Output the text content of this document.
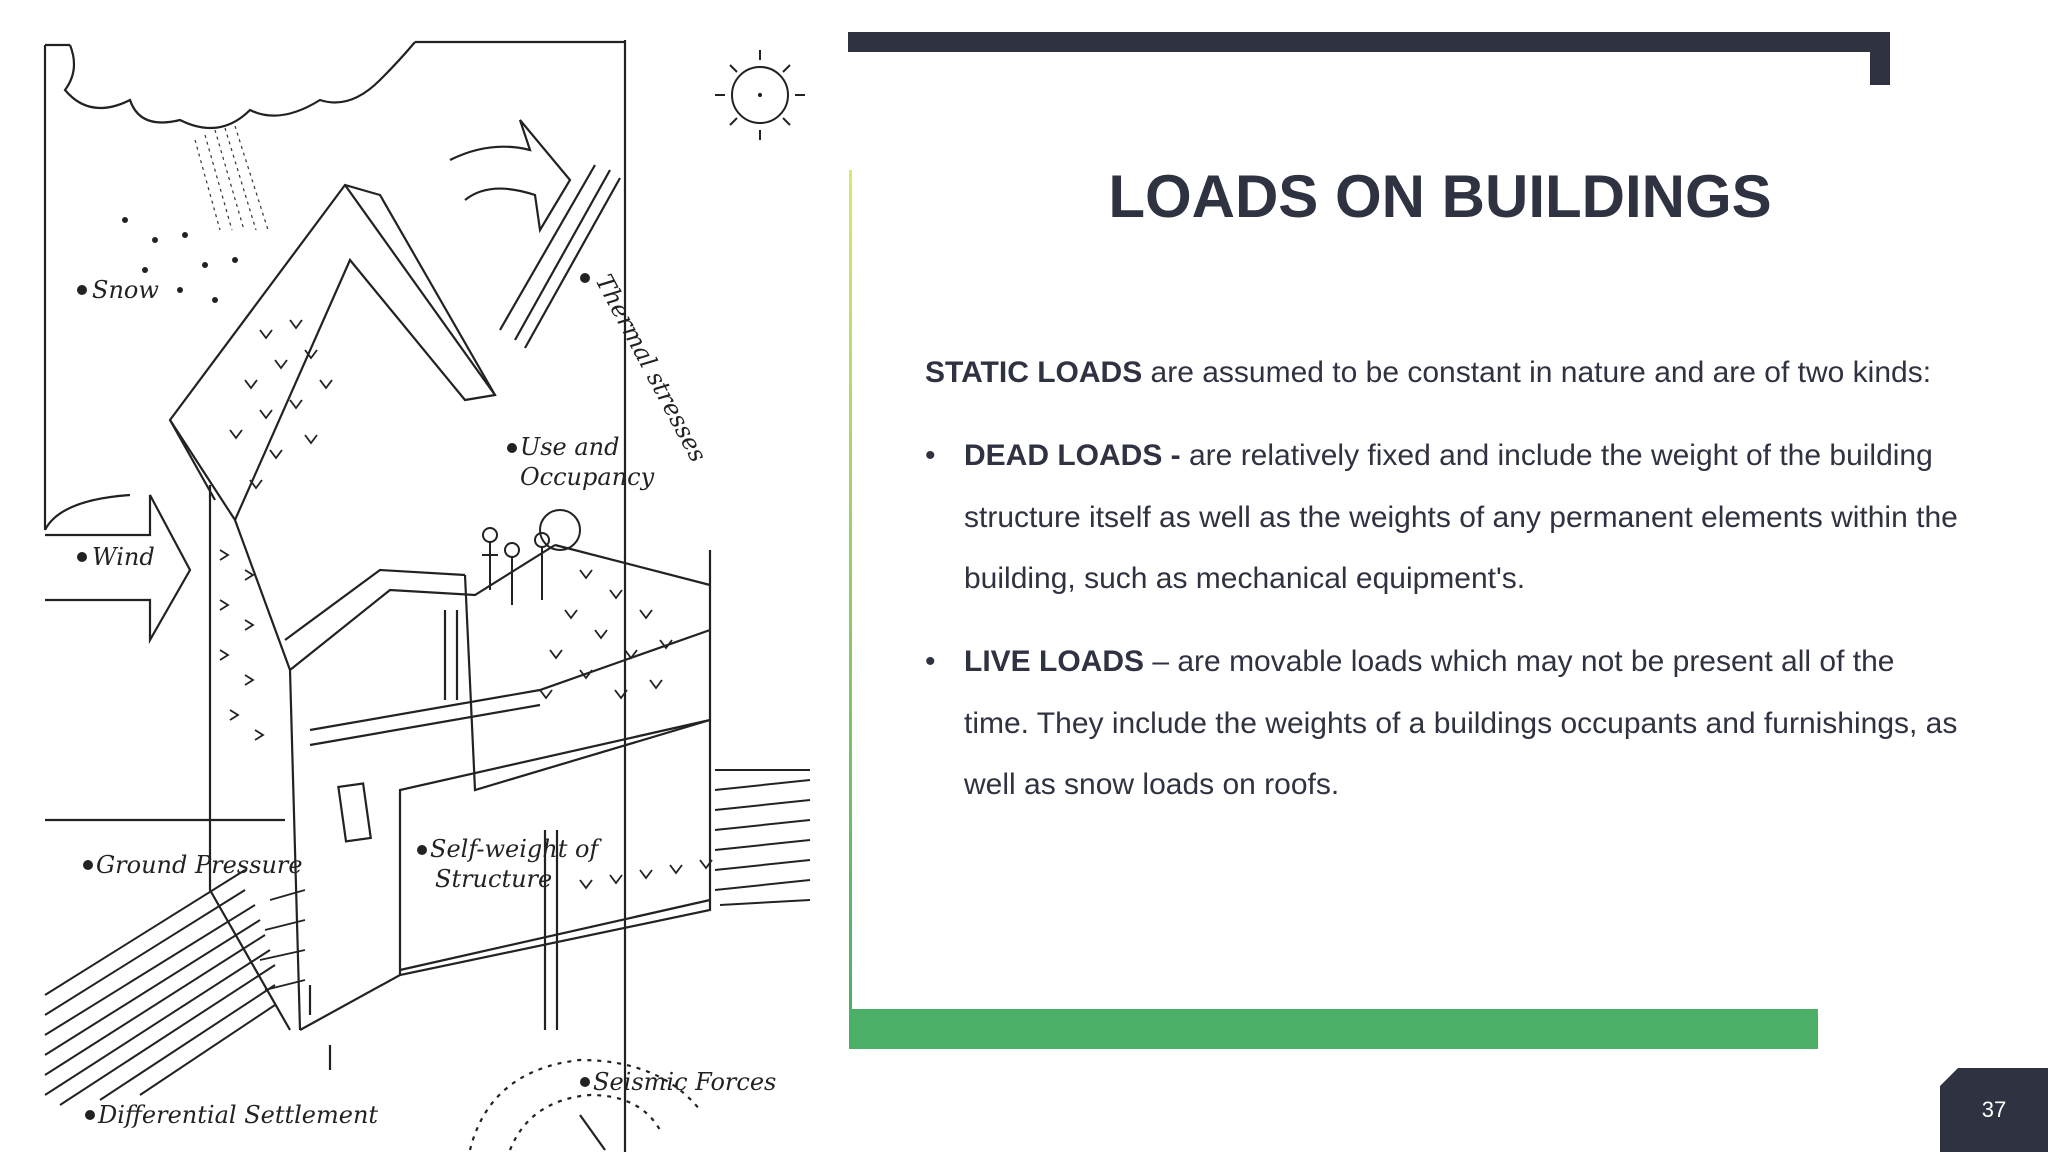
Snow
Wind
Thermal stresses
Use and
Occupancy
Self-weight of
Structure
Ground Pressure
Differential Settlement
Seismic Forces
LOADS ON BUILDINGS
STATIC LOADS are assumed to be constant in nature and are of two kinds:
• DEAD LOADS - are relatively fixed and include the weight of the building structure itself as well as the weights of any permanent elements within the building, such as mechanical equipment's.
• LIVE LOADS – are movable loads which may not be present all of the time. They include the weights of a buildings occupants and furnishings, as well as snow loads on roofs.
37
